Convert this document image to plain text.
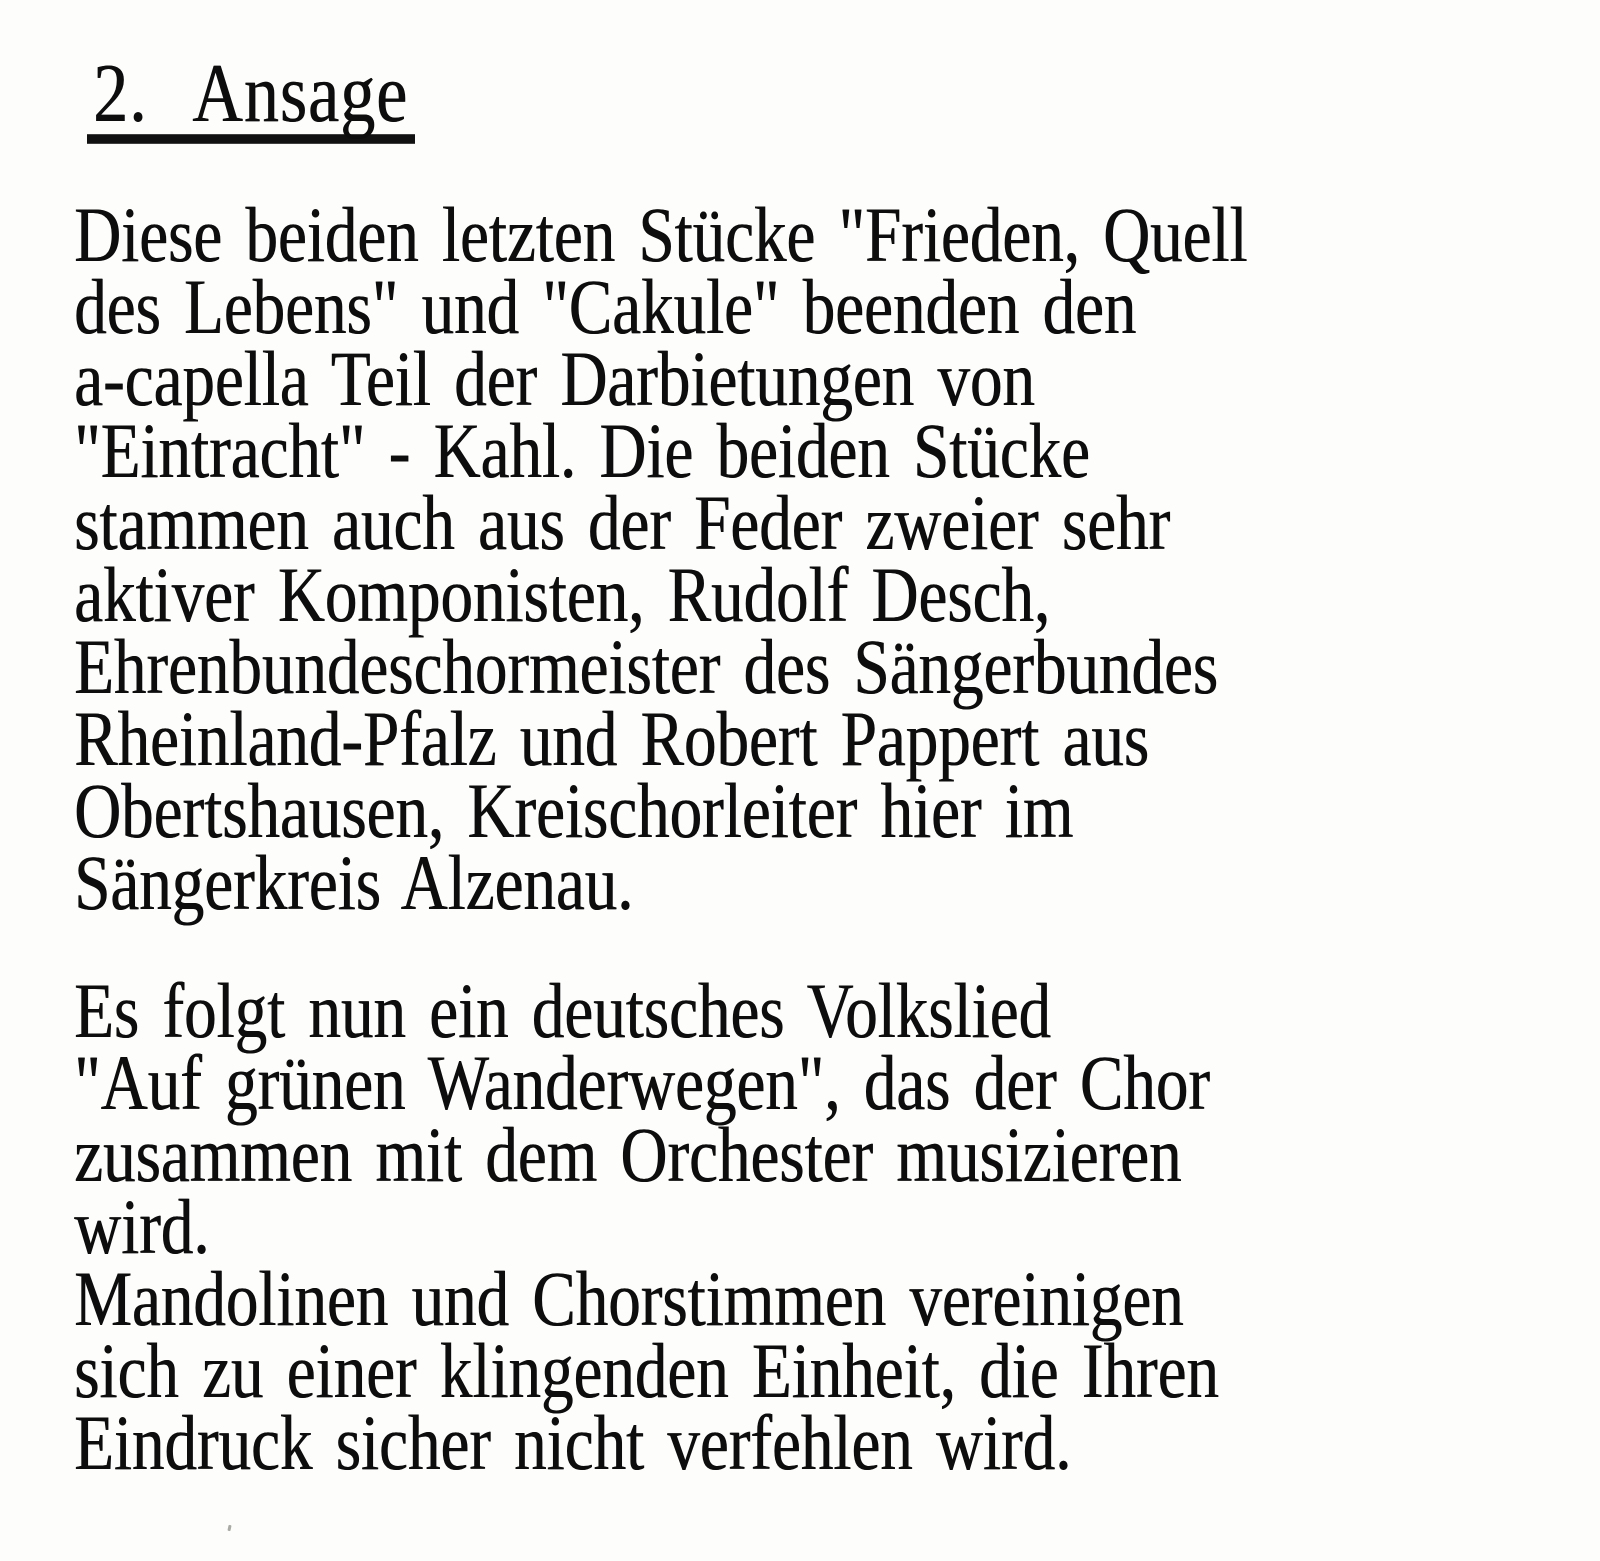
2. Ansage
Diese beiden letzten Stücke "Frieden, Quell
des Lebens" und "Cakule" beenden den
a-capella Teil der Darbietungen von
"Eintracht" - Kahl. Die beiden Stücke
stammen auch aus der Feder zweier sehr
aktiver Komponisten, Rudolf Desch,
Ehrenbundeschormeister des Sängerbundes
Rheinland-Pfalz und Robert Pappert aus
Obertshausen, Kreischorleiter hier im
Sängerkreis Alzenau.
Es folgt nun ein deutsches Volkslied
"Auf grünen Wanderwegen", das der Chor
zusammen mit dem Orchester musizieren
wird.
Mandolinen und Chorstimmen vereinigen
sich zu einer klingenden Einheit, die Ihren
Eindruck sicher nicht verfehlen wird.
